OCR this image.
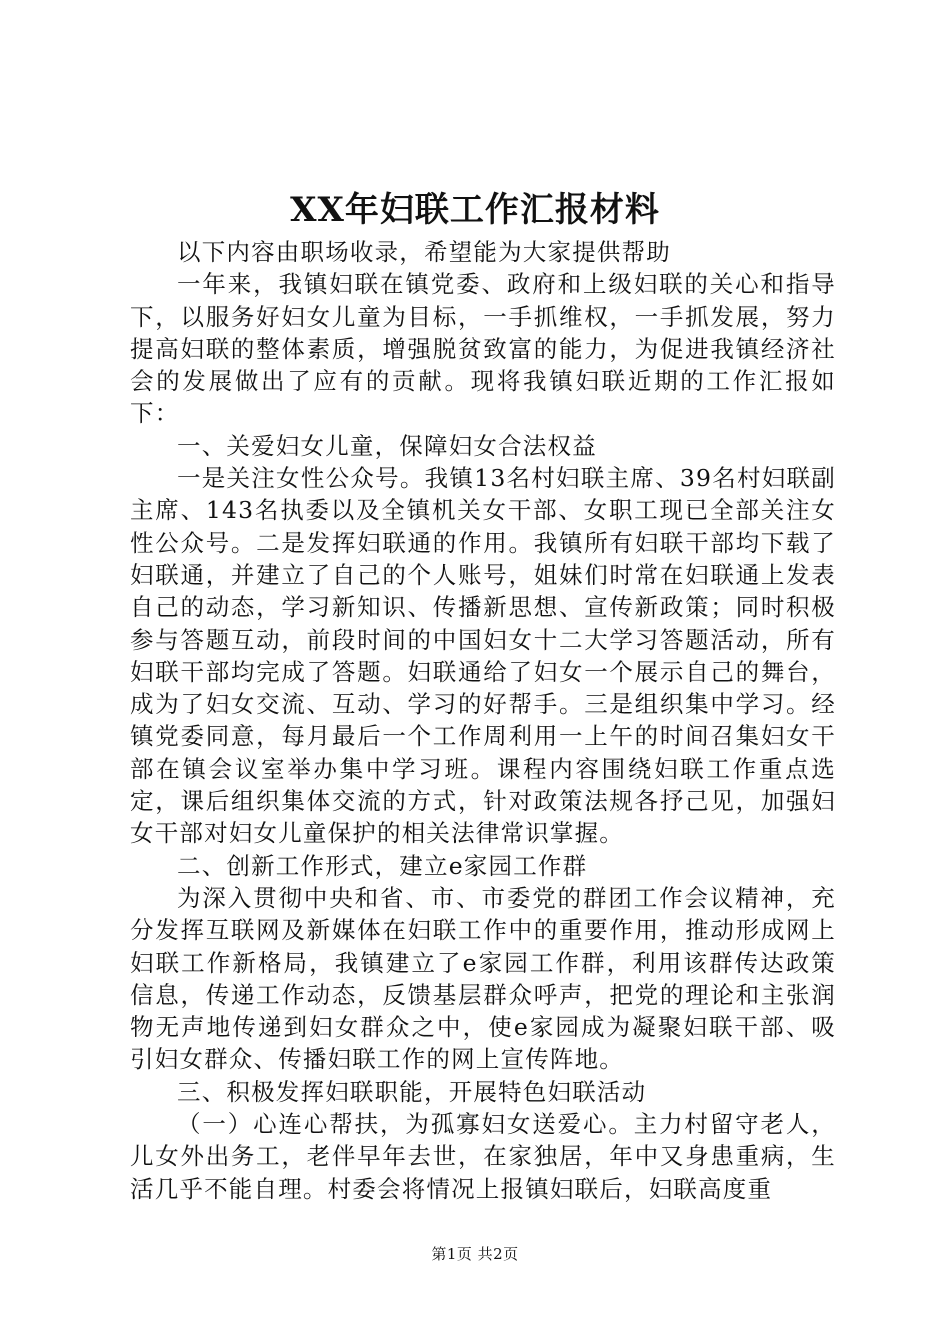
XX年妇联工作汇报材料

以下内容由职场收录，希望能为大家提供帮助

一年来，我镇妇联在镇党委、政府和上级妇联的关心和指导下，以服务好妇女儿童为目标，一手抓维权，一手抓发展，努力提高妇联的整体素质，增强脱贫致富的能力，为促进我镇经济社会的发展做出了应有的贡献。现将我镇妇联近期的工作汇报如下：

一、关爱妇女儿童，保障妇女合法权益

一是关注女性公众号。我镇13名村妇联主席、39名村妇联副主席、143名执委以及全镇机关女干部、女职工现已全部关注女性公众号。二是发挥妇联通的作用。我镇所有妇联干部均下载了妇联通，并建立了自己的个人账号，姐妹们时常在妇联通上发表自己的动态，学习新知识、传播新思想、宣传新政策；同时积极参与答题互动，前段时间的中国妇女十二大学习答题活动，所有妇联干部均完成了答题。妇联通给了妇女一个展示自己的舞台，成为了妇女交流、互动、学习的好帮手。三是组织集中学习。经镇党委同意，每月最后一个工作周利用一上午的时间召集妇女干部在镇会议室举办集中学习班。课程内容围绕妇联工作重点选定，课后组织集体交流的方式，针对政策法规各抒己见，加强妇女干部对妇女儿童保护的相关法律常识掌握。

二、创新工作形式，建立e家园工作群

为深入贯彻中央和省、市、市委党的群团工作会议精神，充分发挥互联网及新媒体在妇联工作中的重要作用，推动形成网上妇联工作新格局，我镇建立了e家园工作群，利用该群传达政策信息，传递工作动态，反馈基层群众呼声，把党的理论和主张润物无声地传递到妇女群众之中，使e家园成为凝聚妇联干部、吸引妇女群众、传播妇联工作的网上宣传阵地。

三、积极发挥妇联职能，开展特色妇联活动

（一）心连心帮扶，为孤寡妇女送爱心。主力村留守老人，儿女外出务工，老伴早年去世，在家独居，年中又身患重病，生活几乎不能自理。村委会将情况上报镇妇联后，妇联高度重

第1页 共2页
